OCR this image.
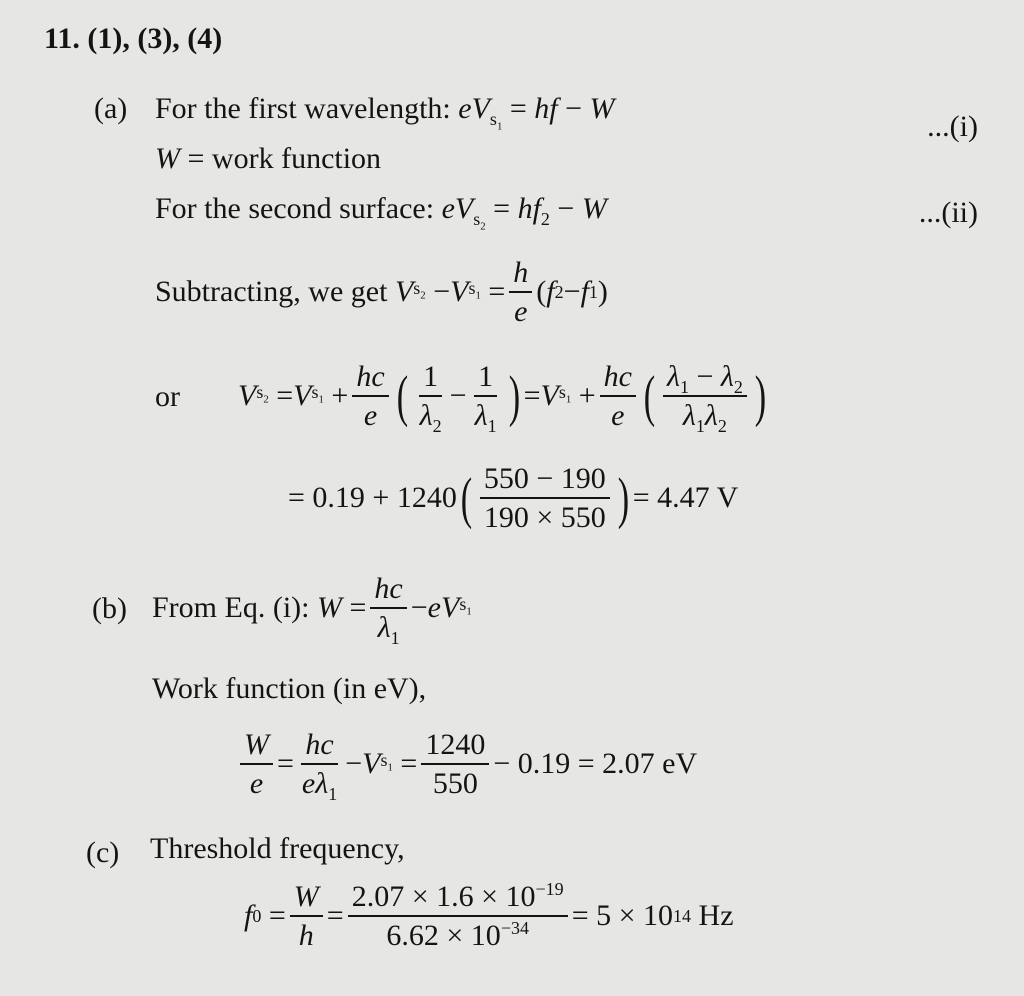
11. (1), (3), (4)
(a) For the first wavelength: $eV_{s_1}$ = hf − W
...(i)
W = work function
For the second surface: $eV_{s_2} = hf_2 - W$	...(ii)
Subtracting, we get
V $s_2 - V$ $s_1 = \frac{h}{e}$ ( f 2 − f 1 )
or V $s_2 = V$ $s_1 + \frac{hc}{e}$ ( $\frac{1}{\lambda_2} - \frac{1}{\lambda_1}$ ) = V $s_1 + \frac{hc}{e}$ ( $\frac{\lambda_1 - \lambda_2}{\lambda_1\lambda_2}$ )
= 0.19 + 1240 ( $\frac{550 - 190}{190 \times 550}$ ) = 4.47 V
(b) From Eq. (i):
$W = \frac{hc}{\lambda_1}$ − eV $s_1$
Work function (in eV),
$\frac{W}{e} = \frac{hc}{e\lambda_1} - V$ $s_1 = \frac{1240}{550} - 0.19 = 2.07$ eV
(c) Threshold frequency,
f $0 = \frac{W}{h} = \frac{2.07 \times 1.6 \times 10^{-19}}{6.62 \times 10^{-34}} = 5 \times 10$ 14
Hz
